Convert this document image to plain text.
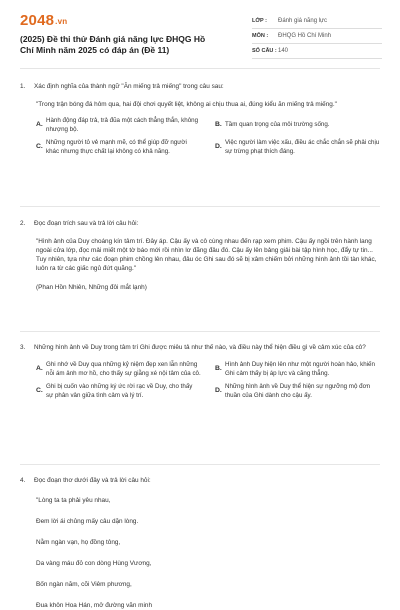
2048.vn
(2025) Đề thi thử Đánh giá năng lực ĐHQG Hồ Chí Minh năm 2025 có đáp án (Đề 11)
LỚP :	Đánh giá năng lực
MÔN :	ĐHQG Hồ Chí Minh
SỐ CÂU : 140
1.	Xác định nghĩa của thành ngữ "Ăn miếng trả miếng" trong câu sau:
"Trong trận bóng đá hôm qua, hai đội chơi quyết liệt, không ai chịu thua ai, đúng kiểu ăn miếng trả miếng."
A.
Hành động đáp trả, trả đũa một cách thẳng thắn, không nhượng bộ.
B. Tầm quan trọng của môi trường sống.
C.
Những người tỏ vẻ mạnh mẽ, có thể giúp đỡ người khác nhưng thực chất lại không có khả năng.
D.
Việc người làm việc xấu, điều ác chắc chắn sẽ phải chịu sự trừng phạt thích đáng.
2.	Đọc đoạn trích sau và trả lời câu hỏi:
"Hình ảnh của Duy choáng kín tâm trí. Đây áp. Cậu ấy và cô cùng nhau đến rạp xem phim. Cậu ấy ngồi trên hành lang ngoài cửa lớp, đọc mải miết một tờ báo mới rồi nhìn lơ đãng đâu đó. Cậu ấy lên bảng giải bài tập hình học, đẩy tự tin... Tuy nhiên, tựa như các đoạn phim chồng lên nhau, đâu óc Ghi sau đó sẽ bị xâm chiếm bởi những hình ảnh tồi tàn khác, luôn ra từ các giấc ngủ đứt quãng."
(Phan Hồn Nhiên, Những đôi mắt lạnh)
3.	Những hình ảnh về Duy trong tâm trí Ghi được miêu tả như thế nào, và điều này thể hiện điều gì về cảm xúc của cô?
A.
Ghi nhớ về Duy qua những kỷ niệm đẹp xen lẫn những nỗi ám ảnh mơ hồ, cho thấy sự giằng xé nội tâm của cô.
B.
Hình ảnh Duy hiện lên như một người hoàn hảo, khiến Ghi cảm thấy bị áp lực và căng thẳng.
C.
Ghi bị cuốn vào những ký ức rời rạc về Duy, cho thấy sự phân vân giữa tình cảm và lý trí.
D.
Những hình ảnh về Duy thể hiện sự ngưỡng mộ đơn thuần của Ghi dành cho cậu ấy.
4.	Đọc đoạn thơ dưới đây và trả lời câu hỏi:
"Lòng ta ta phải yêu nhau,
Đem lời ái chủng mấy câu dặn lòng.
Nằm ngàn vạn, họ đồng tông,
Da vàng máu đỏ con dòng Hùng Vương,
Bốn ngàn năm, cõi Viêm phương,
Đua khôn Hoa Hán, mở đường văn minh
